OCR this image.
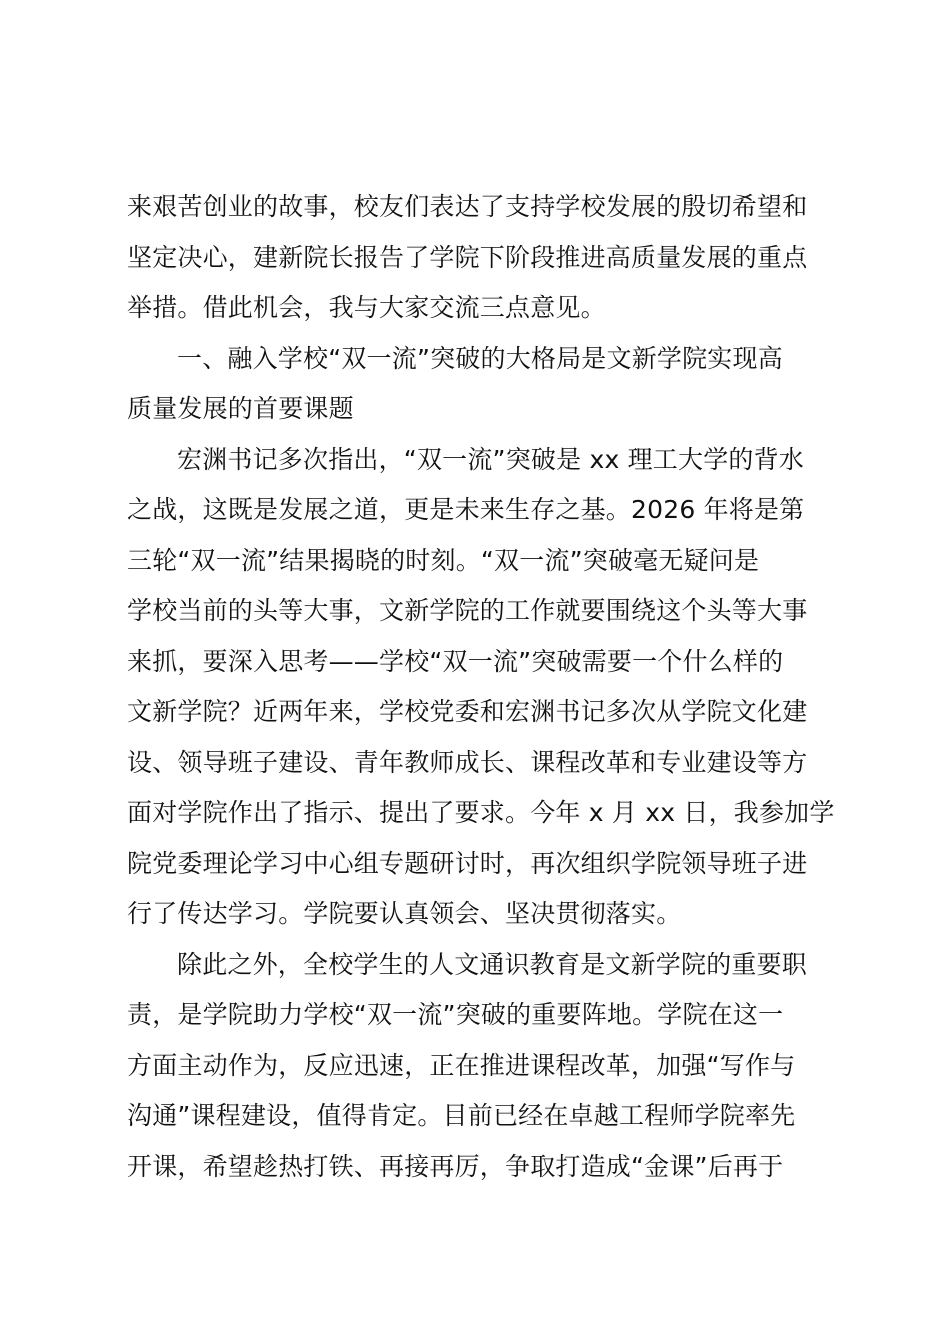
来艰苦创业的故事，校友们表达了支持学校发展的殷切希望和
坚定决心，建新院长报告了学院下阶段推进高质量发展的重点
举措。借此机会，我与大家交流三点意见。
一、融入学校“双一流”突破的大格局是文新学院实现高
质量发展的首要课题
宏渊书记多次指出，“双一流”突破是 xx 理工大学的背水
之战，这既是发展之道，更是未来生存之基。2026 年将是第
三轮“双一流”结果揭晓的时刻。“双一流”突破毫无疑问是
学校当前的头等大事，文新学院的工作就要围绕这个头等大事
来抓，要深入思考——学校“双一流”突破需要一个什么样的
文新学院？近两年来，学校党委和宏渊书记多次从学院文化建
设、领导班子建设、青年教师成长、课程改革和专业建设等方
面对学院作出了指示、提出了要求。今年 x 月 xx 日，我参加学
院党委理论学习中心组专题研讨时，再次组织学院领导班子进
行了传达学习。学院要认真领会、坚决贯彻落实。
除此之外，全校学生的人文通识教育是文新学院的重要职
责，是学院助力学校“双一流”突破的重要阵地。学院在这一
方面主动作为，反应迅速，正在推进课程改革，加强“写作与
沟通”课程建设，值得肯定。目前已经在卓越工程师学院率先
开课，希望趁热打铁、再接再厉，争取打造成“金课”后再于
